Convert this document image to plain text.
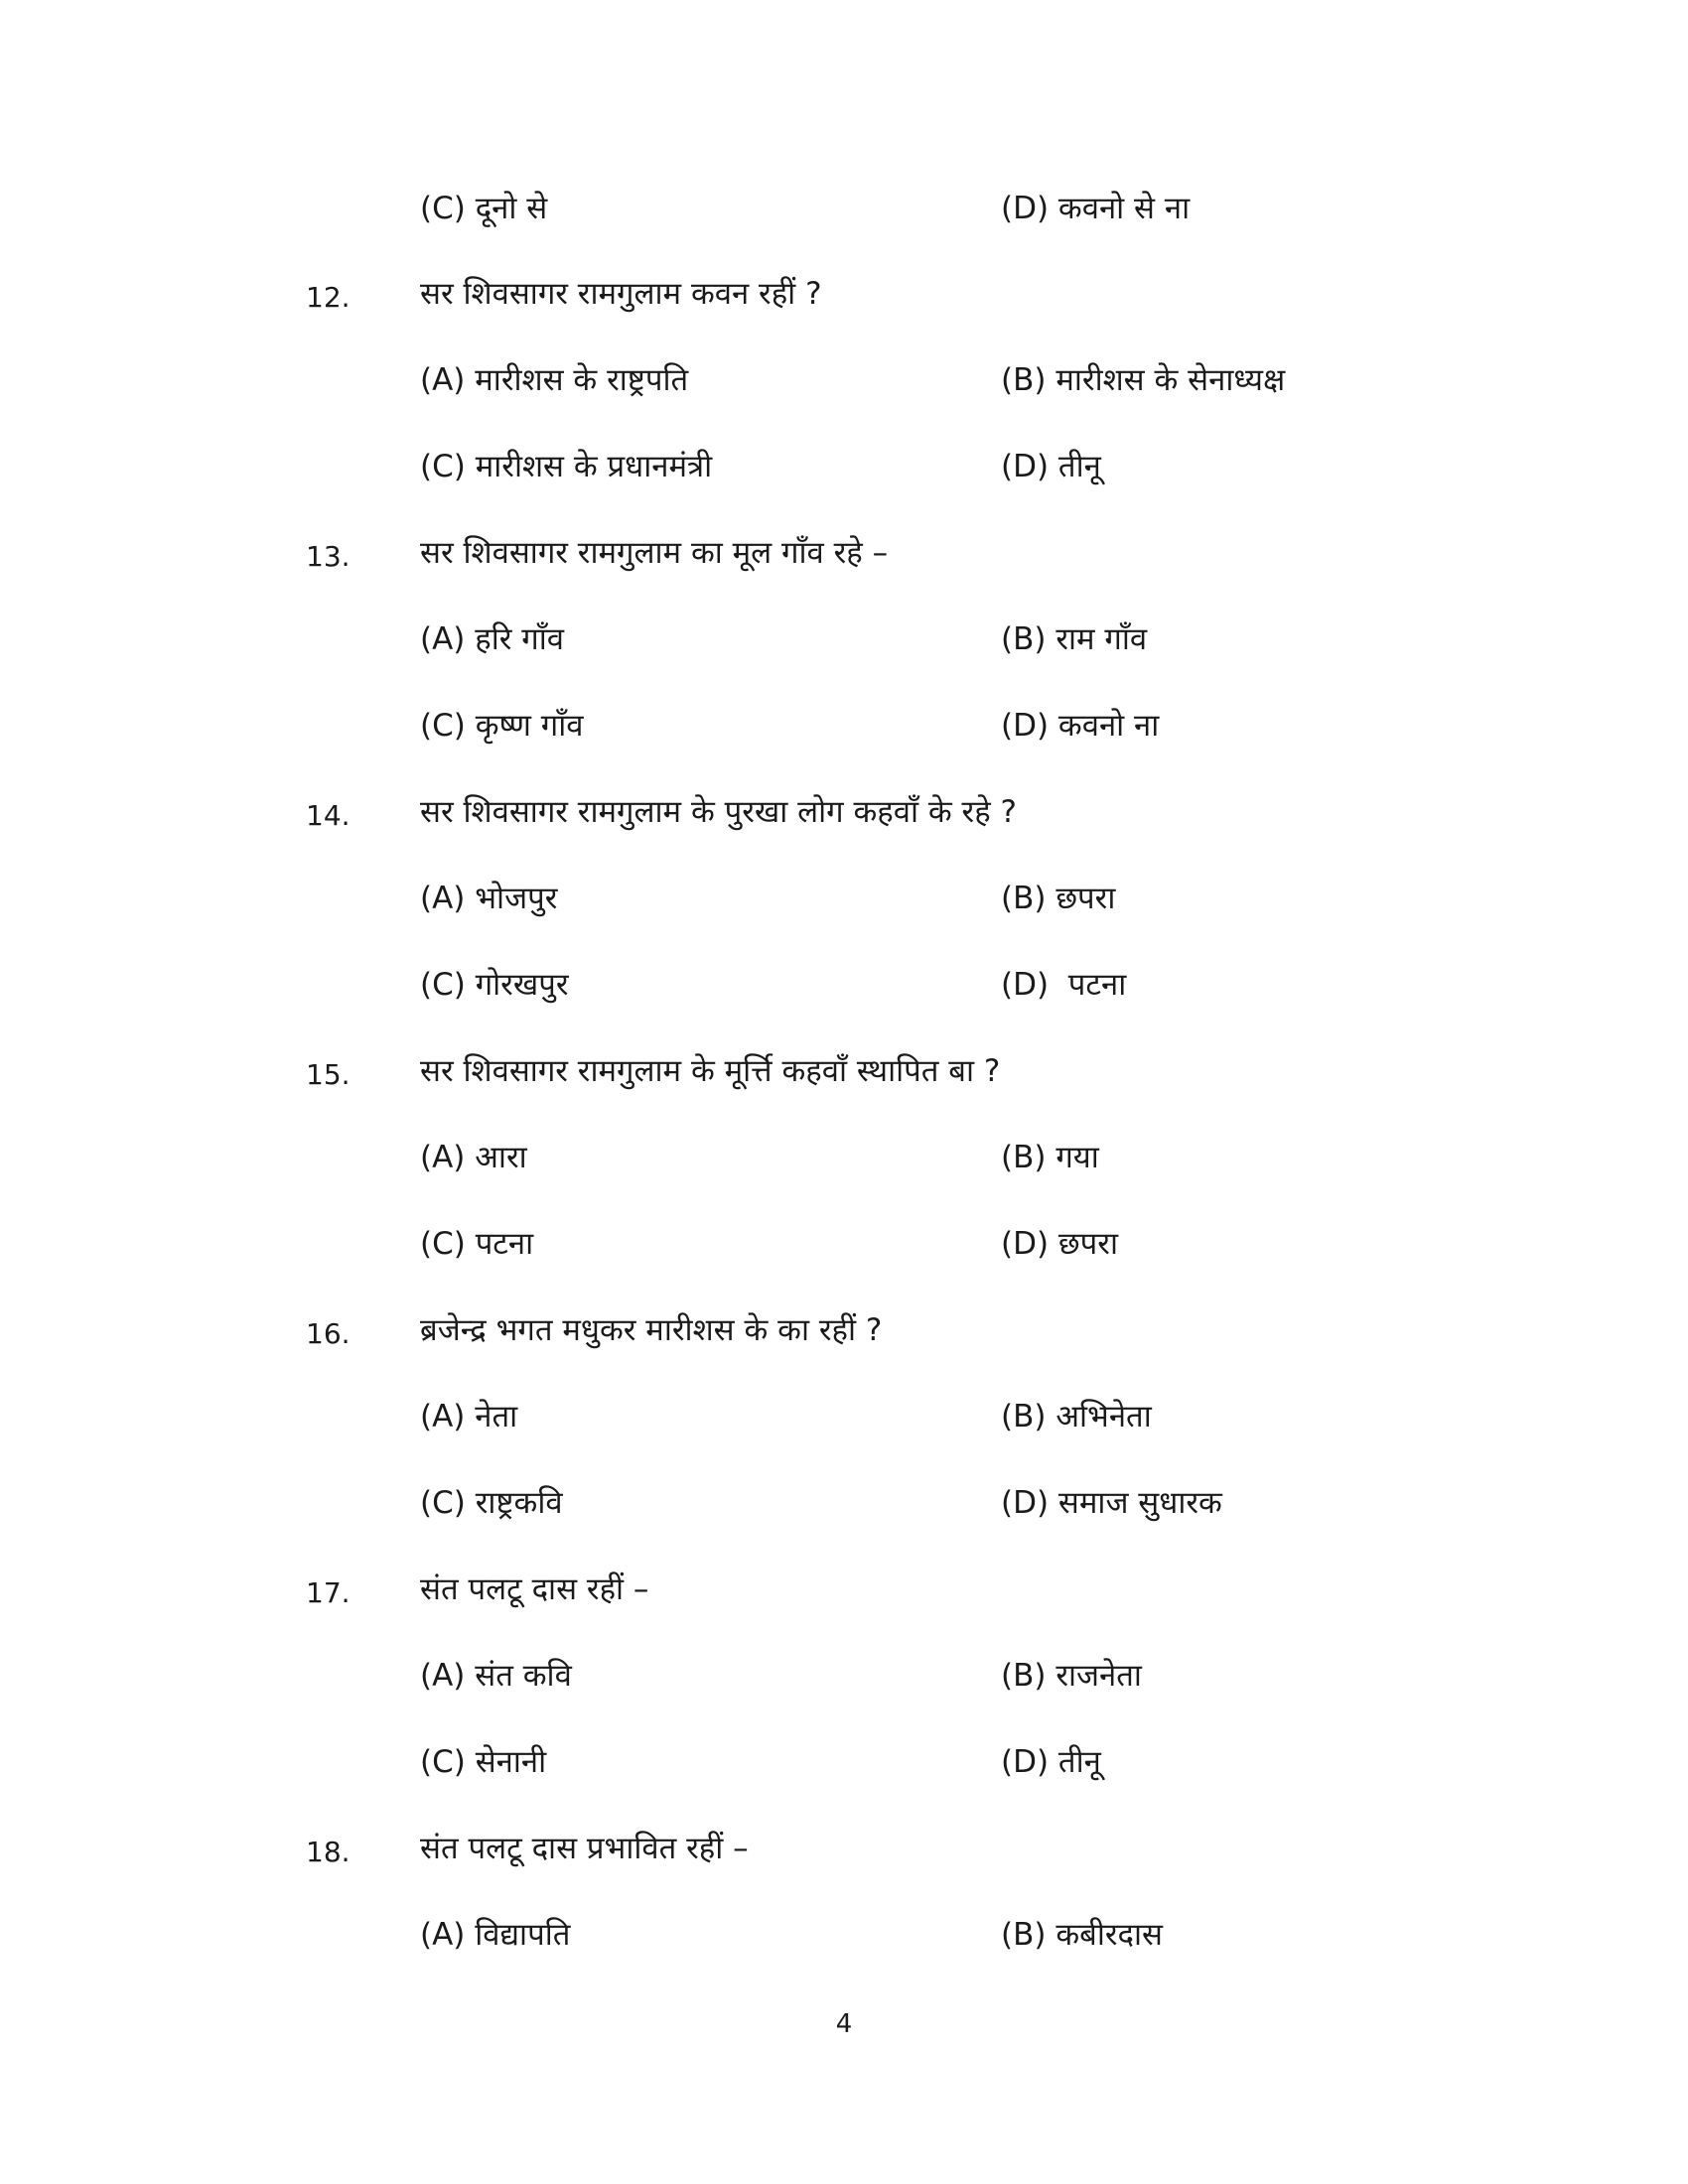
(C) दूनो से	(D) कवनो से ना
12. सर शिवसागर रामगुलाम कवन रहीं ?
(A) मारीशस के राष्ट्रपति	(B) मारीशस के सेनाध्यक्ष
(C) मारीशस के प्रधानमंत्री	(D) तीनू
13. सर शिवसागर रामगुलाम का मूल गाँव रहे –
(A) हरि गाँव	(B) राम गाँव
(C) कृष्ण गाँव	(D) कवनो ना
14. सर शिवसागर रामगुलाम के पुरखा लोग कहवाँ के रहे ?
(A) भोजपुर	(B) छपरा
(C) गोरखपुर	(D) पटना
15. सर शिवसागर रामगुलाम के मूर्त्ति कहवाँ स्थापित बा ?
(A) आरा	(B) गया
(C) पटना	(D) छपरा
16. ब्रजेन्द्र भगत मधुकर मारीशस के का रहीं ?
(A) नेता	(B) अभिनेता
(C) राष्ट्रकवि	(D) समाज सुधारक
17. संत पलटू दास रहीं –
(A) संत कवि	(B) राजनेता
(C) सेनानी	(D) तीनू
18. संत पलटू दास प्रभावित रहीं –
(A) विद्यापति	(B) कबीरदास
4
